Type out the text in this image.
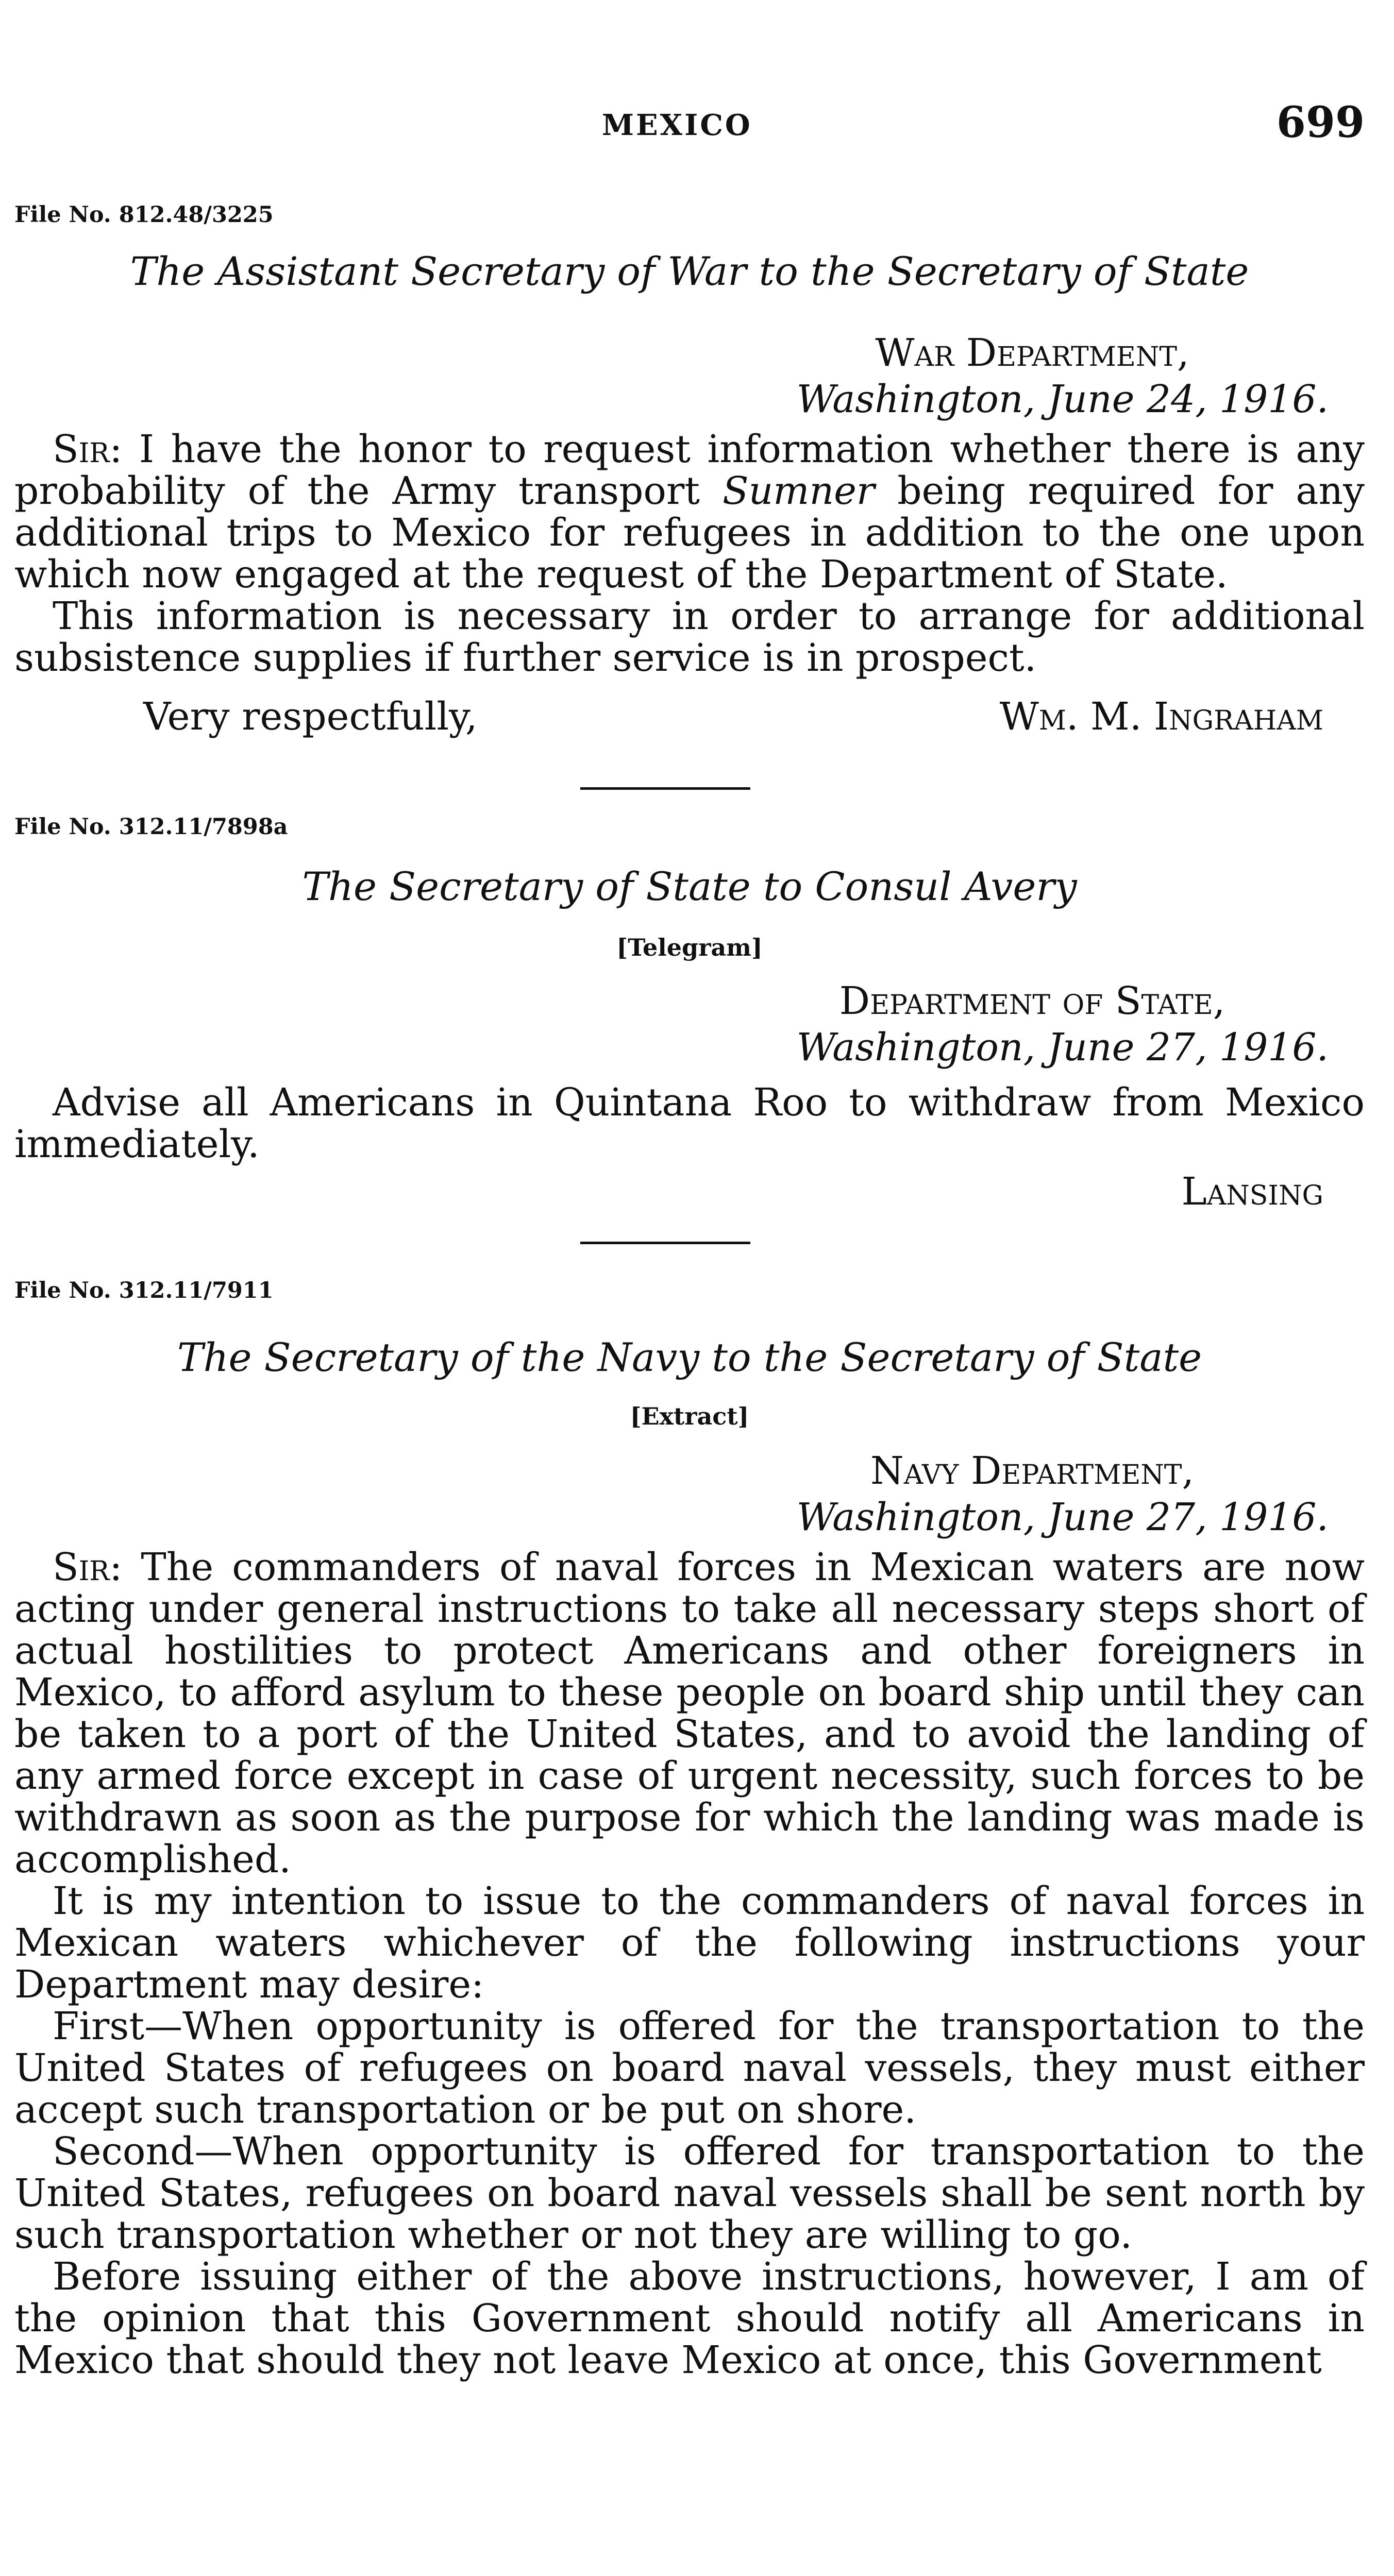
MEXICO	699
File No. 812.48/3225
The Assistant Secretary of War to the Secretary of State
War Department,
Washington, June 24, 1916.

Sir: I have the honor to request information whether there is any probability of the Army transport Sumner being required for any additional trips to Mexico for refugees in addition to the one upon which now engaged at the request of the Department of State.

This information is necessary in order to arrange for additional subsistence supplies if further service is in prospect.

Very respectfully,	Wm. M. Ingraham
File No. 312.11/7898a
The Secretary of State to Consul Avery
[Telegram]
Department of State,
Washington, June 27, 1916.

Advise all Americans in Quintana Roo to withdraw from Mexico immediately.

Lansing
File No. 312.11/7911
The Secretary of the Navy to the Secretary of State
[Extract]
Navy Department,
Washington, June 27, 1916.

Sir: The commanders of naval forces in Mexican waters are now acting under general instructions to take all necessary steps short of actual hostilities to protect Americans and other foreigners in Mexico, to afford asylum to these people on board ship until they can be taken to a port of the United States, and to avoid the landing of any armed force except in case of urgent necessity, such forces to be withdrawn as soon as the purpose for which the landing was made is accomplished.

It is my intention to issue to the commanders of naval forces in Mexican waters whichever of the following instructions your Department may desire:

First—When opportunity is offered for the transportation to the United States of refugees on board naval vessels, they must either accept such transportation or be put on shore.

Second—When opportunity is offered for transportation to the United States, refugees on board naval vessels shall be sent north by such transportation whether or not they are willing to go.

Before issuing either of the above instructions, however, I am of the opinion that this Government should notify all Americans in Mexico that should they not leave Mexico at once, this Government
